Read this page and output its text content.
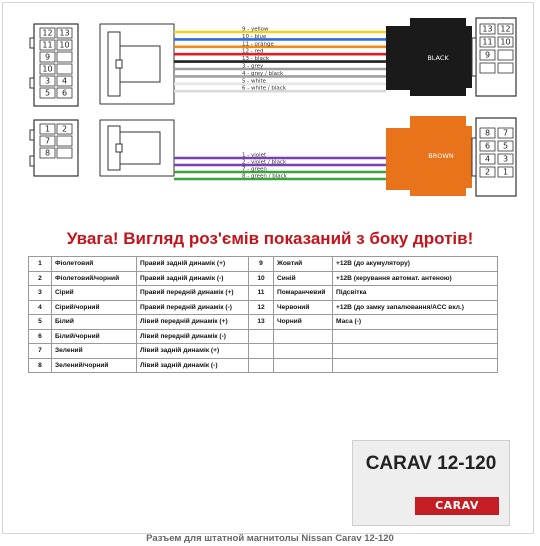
12 13
11 10
9
10
3 4
5 6
1 2
7
8
9 - yellow
10 - blue
11 - orange
12 - red
13 - black
3 - grey
4 - grey / black
5 - white
6 - white / black
1 - violet
2 - violet / black
7 - green
8 - green / black
BLACK
BROWN
13 12
11 10
9
8 7
6 5
4 3
2 1
Увага! Вигляд роз'ємів показаний з боку дротів!
1	Фіолетовий	Правий задній динамік (+)	9	Жовтий	+12В (до акумулятору)
2	Фіолетовий/чорний	Правий задній динамік (-)	10	Синій	+12В (керування автомат. антеною)
3	Сірий	Правий передній динамік (+)	11	Помаранчевий	Підсвітка
4	Сірий/чорний	Правий передній динамік (-)	12	Червоний	+12В (до замку запалювання/ACC вкл.)
5	Білий	Лівий передній динамік (+)	13	Чорний	Маса (-)
6	Білий/чорний	Лівий передній динамік (-)			
7	Зелений	Лівий задній динамік (+)			
8	Зелений/чорний	Лівий задній динамік (-)			
CARAV 12-120
CARAV
Разъем для штатной магнитолы Nissan Carav 12-120
